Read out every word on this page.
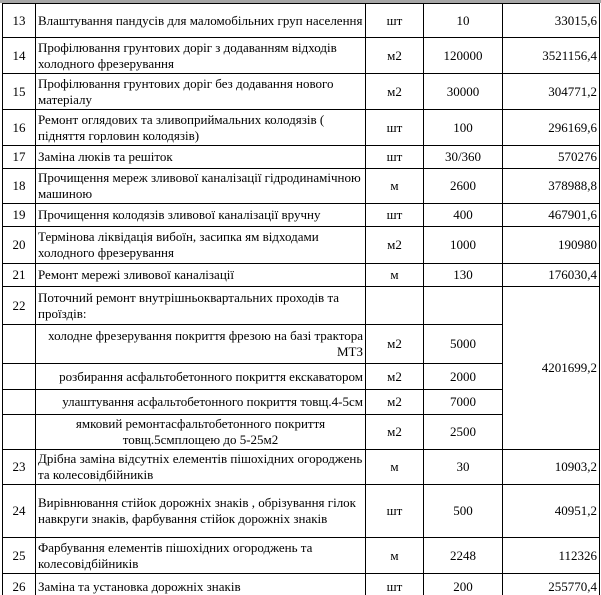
13	Влаштування пандусів для маломобільних груп населення	шт	10	33015,6
14	Профілювання грунтових доріг з додаванням відходів холодного фрезерування	м2	120000	3521156,4
15	Профілювання грунтових доріг без додавання нового матеріалу	м2	30000	304771,2
16	Ремонт оглядових та зливоприймальних колодязів ( підняття горловин колодязів)	шт	100	296169,6
17	Заміна люків та решіток	шт	30/360	570276
18	Прочищення мереж зливової каналізації гідродинамічною машиною	м	2600	378988,8
19	Прочищення колодязів зливової каналізації вручну	шт	400	467901,6
20	Термінова ліквідація вибоїн, засипка ям відходами холодного фрезерування	м2	1000	190980
21	Ремонт мережі зливової каналізації	м	130	176030,4
22	Поточний ремонт внутрішньоквартальних проходів та проїздів:			4201699,2
	холодне фрезерування покриття фрезою на базі трактора МТЗ	м2	5000	
	розбирання асфальтобетонного покриття екскаватором	м2	2000	
	улаштування асфальтобетонного покриття товщ.4-5см	м2	7000	
	ямковий ремонтасфальтобетонного покриття товщ.5смплощею до 5-25м2	м2	2500	
23	Дрібна заміна відсутніх елементів пішохідних огороджень та колесовідбійників	м	30	10903,2
24	Вирівнювання стійок дорожніх знаків , обрізування гілок навкруги знаків, фарбування стійок дорожніх знаків	шт	500	40951,2
25	Фарбування елементів пішохідних огороджень та колесовідбійників	м	2248	112326
26	Заміна та установка дорожніх знаків	шт	200	255770,4
